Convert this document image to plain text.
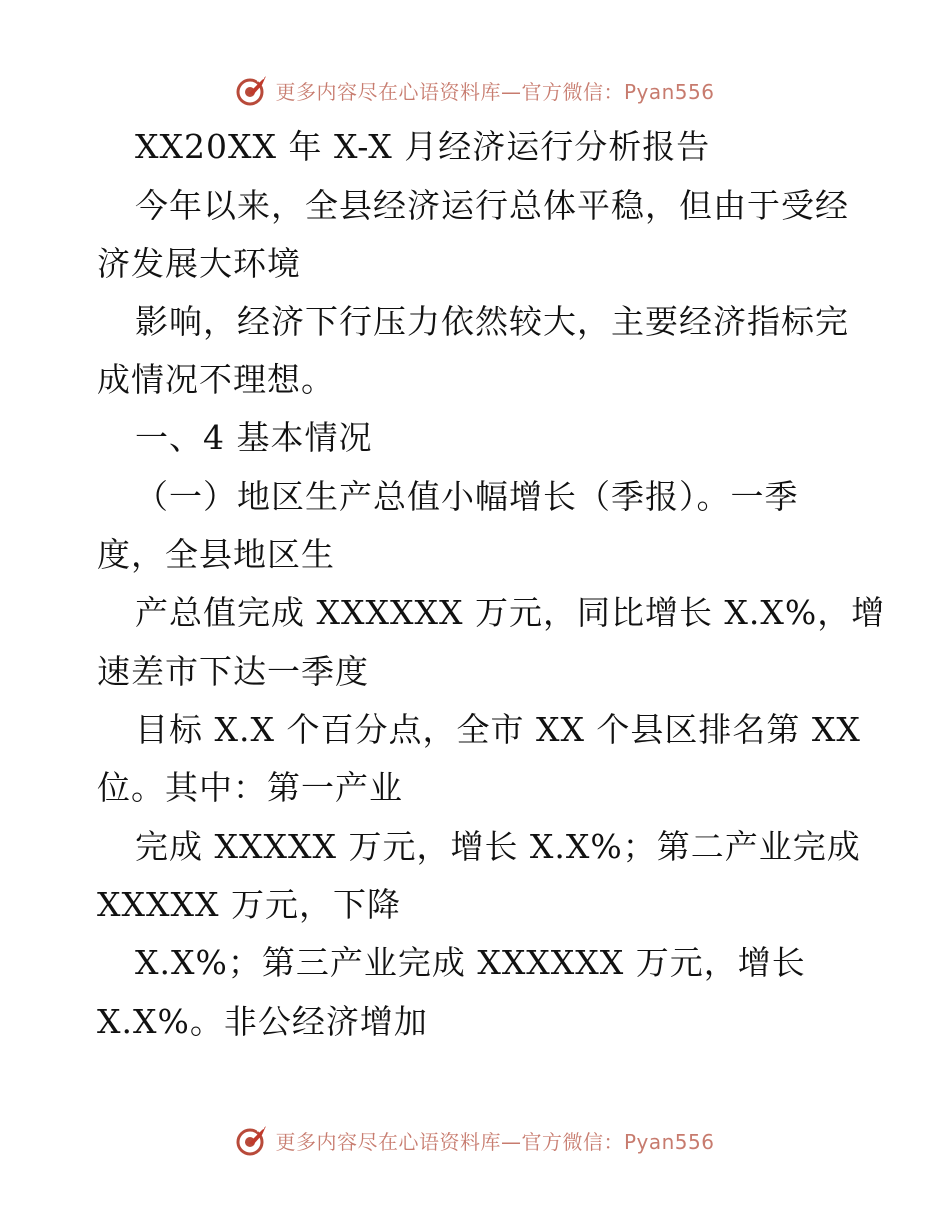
更多内容尽在心语资料库—官方微信：Pyan556
XX20XX 年 X-X 月经济运行分析报告
今年以来，全县经济运行总体平稳，但由于受经
济发展大环境
影响，经济下行压力依然较大，主要经济指标完
成情况不理想。
一、4 基本情况
（一）地区生产总值小幅增长（季报）。一季
度，全县地区生
产总值完成 XXXXXX 万元，同比增长 X.X%，增
速差市下达一季度
目标 X.X 个百分点，全市 XX 个县区排名第 XX
位。其中：第一产业
完成 XXXXX 万元，增长 X.X%；第二产业完成
XXXXX 万元，下降
X.X%；第三产业完成 XXXXXX 万元，增长
X.X%。非公经济增加
更多内容尽在心语资料库—官方微信：Pyan556
